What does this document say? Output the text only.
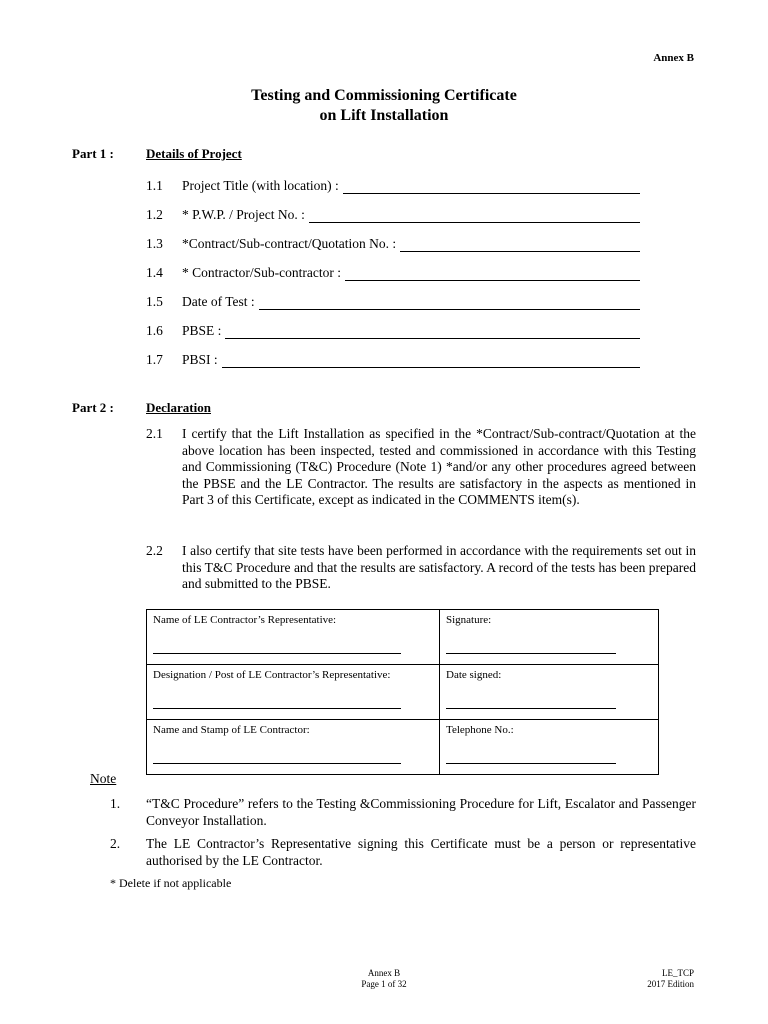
Annex B
Testing and Commissioning Certificate
on Lift Installation
Part 1 : Details of Project
1.1	Project Title (with location) :
1.2	* P.W.P. / Project No. :
1.3	*Contract/Sub-contract/Quotation No. :
1.4	* Contractor/Sub-contractor :
1.5	Date of Test :
1.6	PBSE :
1.7	PBSI :
Part 2 : Declaration
2.1	I certify that the Lift Installation as specified in the *Contract/Sub-contract/Quotation at the above location has been inspected, tested and commissioned in accordance with this Testing and Commissioning (T&C) Procedure (Note 1) *and/or any other procedures agreed between the PBSE and the LE Contractor. The results are satisfactory in the aspects as mentioned in Part 3 of this Certificate, except as indicated in the COMMENTS item(s).
2.2	I also certify that site tests have been performed in accordance with the requirements set out in this T&C Procedure and that the results are satisfactory. A record of the tests has been prepared and submitted to the PBSE.
Name of LE Contractor’s Representative:	Signature:

Designation / Post of LE Contractor’s Representative:	Date signed:

Name and Stamp of LE Contractor:	Telephone No.:
Note
1.	“T&C Procedure” refers to the Testing &Commissioning Procedure for Lift, Escalator and Passenger Conveyor Installation.
2.	The LE Contractor’s Representative signing this Certificate must be a person or representative authorised by the LE Contractor.
* Delete if not applicable
Annex B
Page 1 of 32
LE_TCP
2017 Edition
